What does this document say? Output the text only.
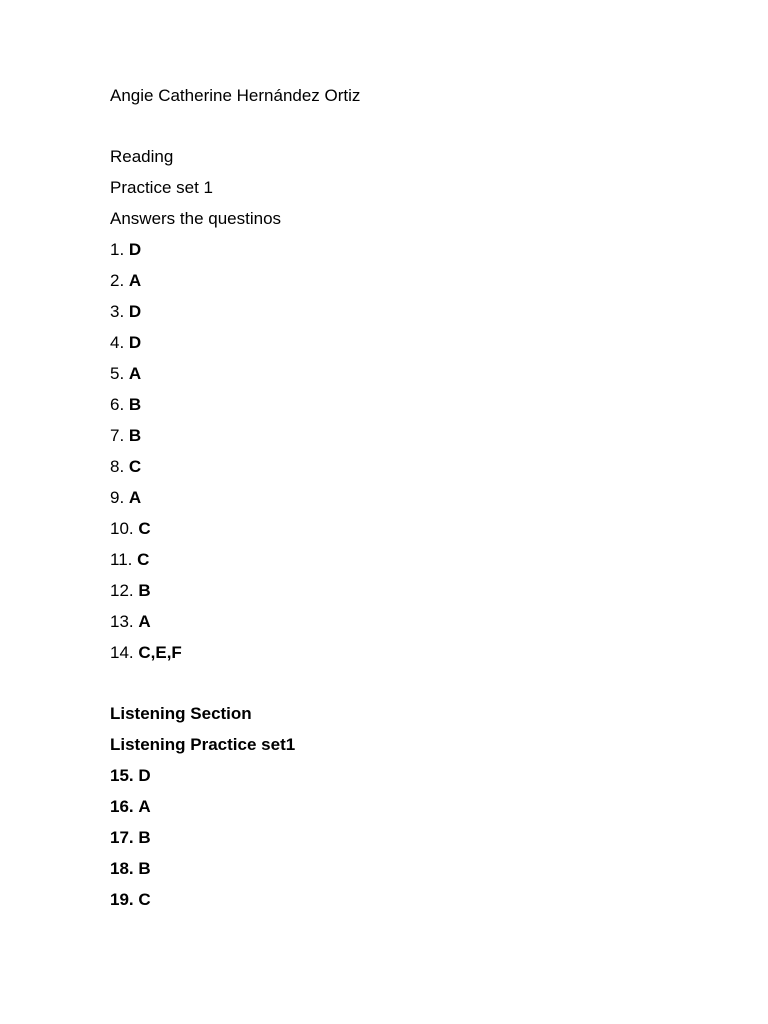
Angie Catherine Hernández Ortiz
Reading
Practice set 1
Answers the questinos
1. D
2. A
3. D
4. D
5. A
6. B
7. B
8. C
9. A
10. C
11. C
12. B
13. A
14. C,E,F
Listening Section
Listening Practice set1
15. D
16. A
17. B
18. B
19. C
